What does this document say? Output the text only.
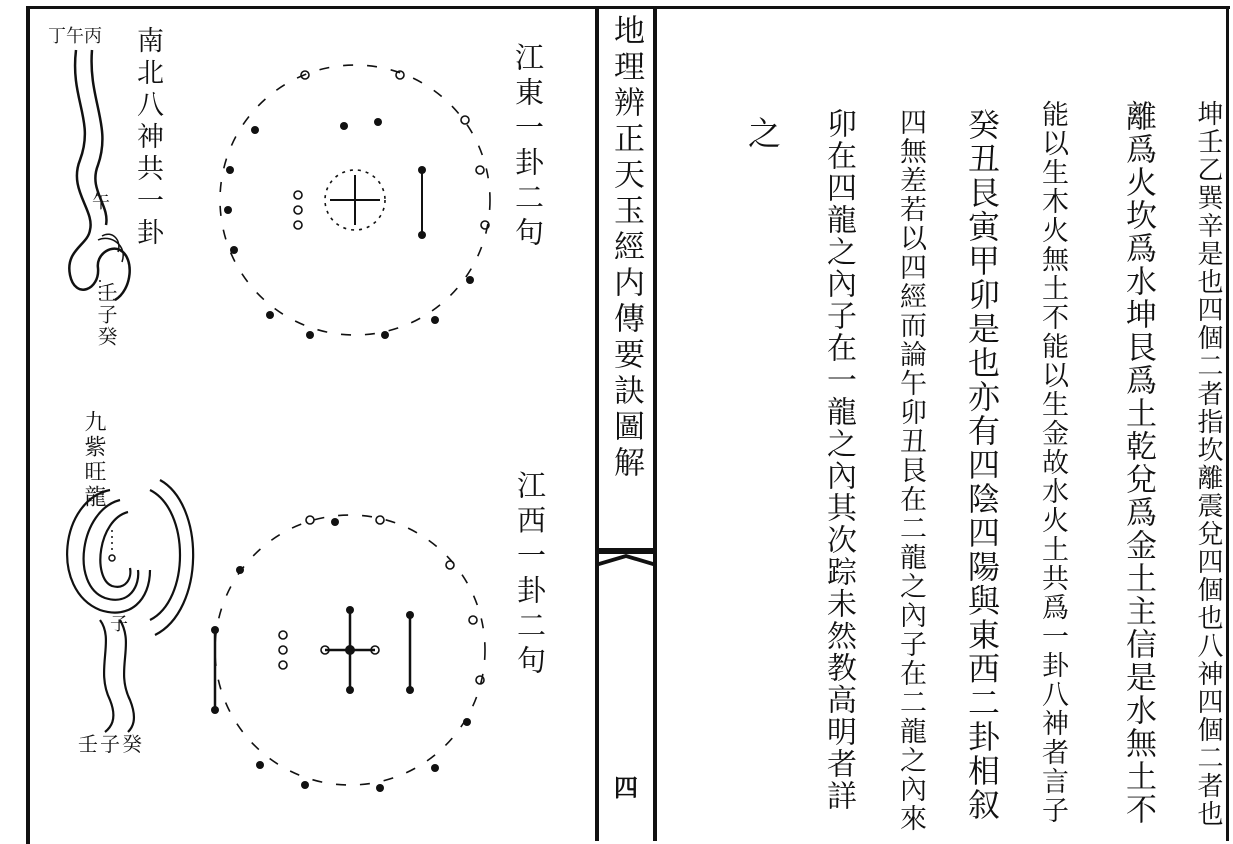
地理辨正天玉經内傳要訣圖解
四
丁午丙 南北八神共一卦
午
壬子癸
江東一卦二句
九紫旺龍
子
壬子癸
江西一卦二句	坤壬乙巽辛是也四個二者指坎離震兌四個也八神四個二者也
離爲火坎爲水坤艮爲土乾兌爲金土主信是水無土不
能以生木火無土不能以生金故水火土共爲一卦八神者言子
癸丑艮寅甲卯是也亦有四陰四陽與東西二卦相叙
四無差若以四經而論午卯丑艮在二龍之內子在二龍之內來
卯在四龍之內子在一龍之內其次踪未然教高明者詳
之
